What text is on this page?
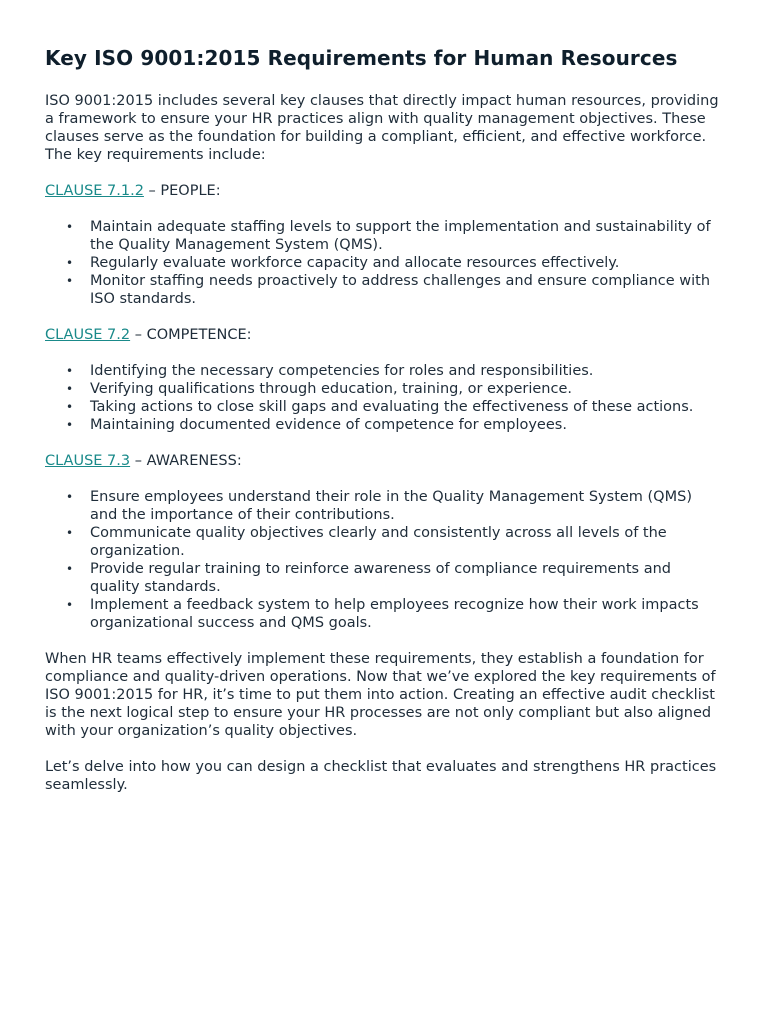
Key ISO 9001:2015 Requirements for Human Resources

ISO 9001:2015 includes several key clauses that directly impact human resources, providing a framework to ensure your HR practices align with quality management objectives. These clauses serve as the foundation for building a compliant, efficient, and effective workforce. The key requirements include:

CLAUSE 7.1.2 – PEOPLE:

• Maintain adequate staffing levels to support the implementation and sustainability of the Quality Management System (QMS).
• Regularly evaluate workforce capacity and allocate resources effectively.
• Monitor staffing needs proactively to address challenges and ensure compliance with ISO standards.

CLAUSE 7.2 – COMPETENCE:

• Identifying the necessary competencies for roles and responsibilities.
• Verifying qualifications through education, training, or experience.
• Taking actions to close skill gaps and evaluating the effectiveness of these actions.
• Maintaining documented evidence of competence for employees.

CLAUSE 7.3 – AWARENESS:

• Ensure employees understand their role in the Quality Management System (QMS) and the importance of their contributions.
• Communicate quality objectives clearly and consistently across all levels of the organization.
• Provide regular training to reinforce awareness of compliance requirements and quality standards.
• Implement a feedback system to help employees recognize how their work impacts organizational success and QMS goals.

When HR teams effectively implement these requirements, they establish a foundation for compliance and quality-driven operations. Now that we’ve explored the key requirements of ISO 9001:2015 for HR, it’s time to put them into action. Creating an effective audit checklist is the next logical step to ensure your HR processes are not only compliant but also aligned with your organization’s quality objectives.

Let’s delve into how you can design a checklist that evaluates and strengthens HR practices seamlessly.
